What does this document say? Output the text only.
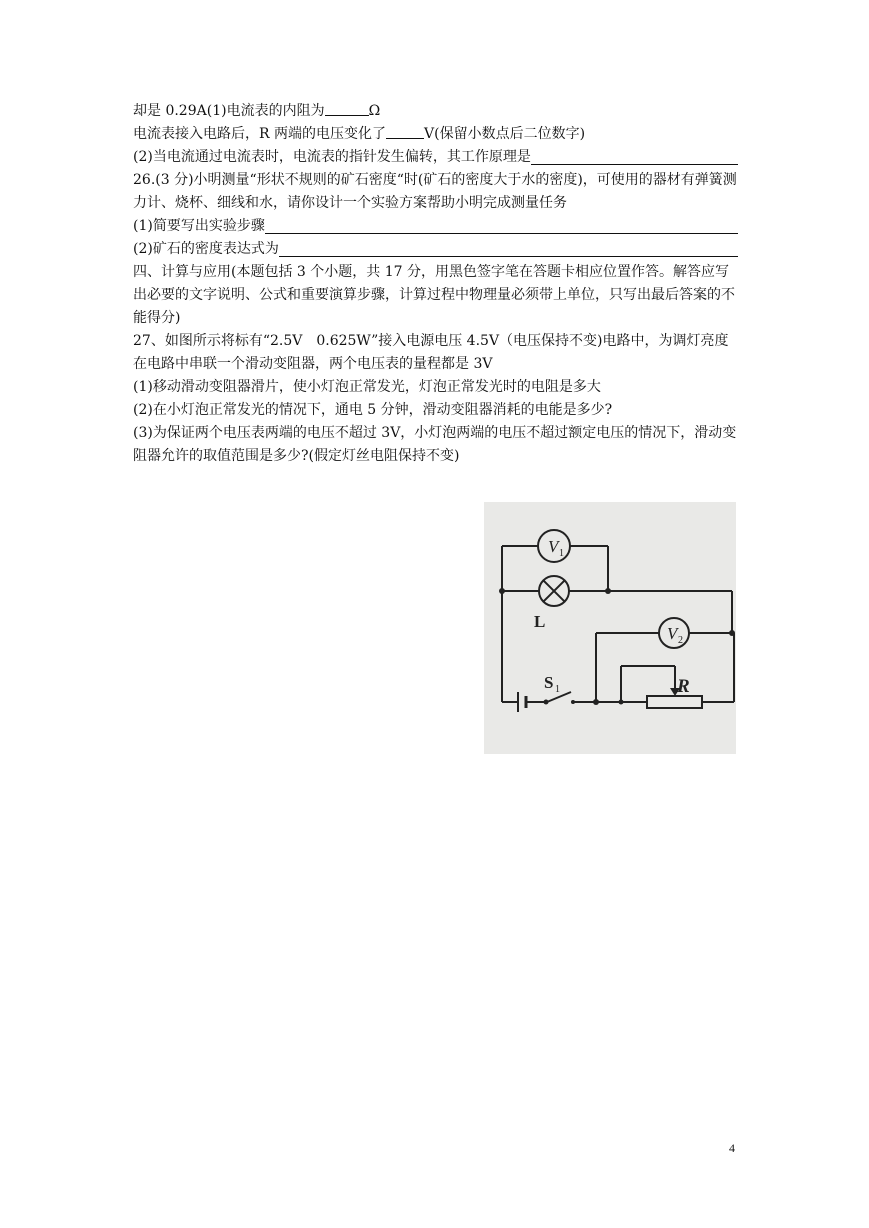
却是 0.29A(1)电流表的内阻为	Ω
电流表接入电路后，R 两端的电压变化了	V(保留小数点后二位数字)
(2)当电流通过电流表时，电流表的指针发生偏转，其工作原理是
26.(3 分)小明测量“形状不规则的矿石密度“时(矿石的密度大于水的密度)，可使用的器材有弹簧测力计、烧杯、细线和水，请你设计一个实验方案帮助小明完成测量任务
(1)简要写出实验步骤
(2)矿石的密度表达式为
四、计算与应用(本题包括 3 个小题，共 17 分，用黑色签字笔在答题卡相应位置作答。解答应写出必要的文字说明、公式和重要演算步骤，计算过程中物理量必须带上单位，只写出最后答案的不能得分)
27、如图所示将标有“2.5V　0.625W”接入电源电压 4.5V（电压保持不变)电路中，为调灯亮度在电路中串联一个滑动变阻器，两个电压表的量程都是 3V
(1)移动滑动变阻器滑片，使小灯泡正常发光，灯泡正常发光时的电阻是多大
(2)在小灯泡正常发光的情况下，通电 5 分钟，滑动变阻器消耗的电能是多少?
(3)为保证两个电压表两端的电压不超过 3V，小灯泡两端的电压不超过额定电压的情况下，滑动变阻器允许的取值范围是多少?(假定灯丝电阻保持不变)
V 1
L
V 2
S 1	R
4
